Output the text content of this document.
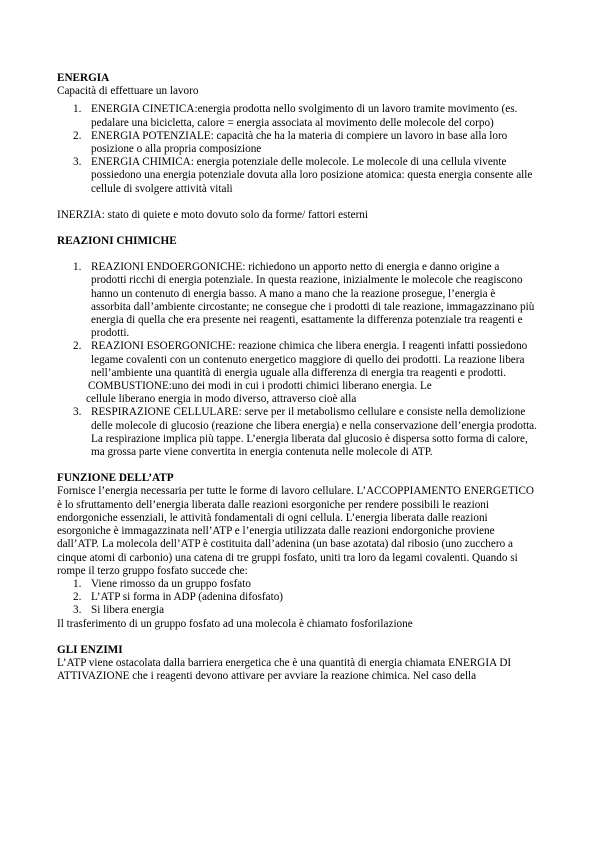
ENERGIA

Capacità di effettuare un lavoro

1. ENERGIA CINETICA:energia prodotta nello svolgimento di un lavoro tramite movimento (es. pedalare una bicicletta, calore = energia associata al movimento delle molecole del corpo)
2. ENERGIA POTENZIALE: capacità che ha la materia di compiere un lavoro in base alla loro posizione o alla propria composizione
3. ENERGIA CHIMICA: energia potenziale delle molecole. Le molecole di una cellula vivente possiedono una energia potenziale dovuta alla loro posizione atomica: questa energia consente alle cellule di svolgere attività vitali

INERZIA: stato di quiete e moto dovuto solo da forme/ fattori esterni

REAZIONI CHIMICHE
1. REAZIONI ENDOERGONICHE: richiedono un apporto netto di energia e danno origine a prodotti ricchi di energia potenziale. In questa reazione, inizialmente le molecole che reagiscono hanno un contenuto di energia basso. A mano a mano che la reazione prosegue, l’energia è assorbita dall’ambiente circostante; ne consegue che i prodotti di tale reazione, immagazzinano più energia di quella che era presente nei reagenti, esattamente la differenza potenziale tra reagenti e prodotti.
2. REAZIONI ESOERGONICHE: reazione chimica che libera energia. I reagenti infatti possiedono legame covalenti con un contenuto energetico maggiore di quello dei prodotti. La reazione libera nell’ambiente una quantità di energia uguale alla differenza di energia tra reagenti e prodotti.
COMBUSTIONE:uno dei modi in cui i prodotti chimici liberano energia. Le
cellule liberano energia in modo diverso, attraverso cioè alla
3. RESPIRAZIONE CELLULARE: serve per il metabolismo cellulare e consiste nella demolizione delle molecole di glucosio (reazione che libera energia) e nella conservazione dell’energia prodotta. La respirazione implica più tappe. L’energia liberata dal glucosio è dispersa sotto forma di calore, ma grossa parte viene convertita in energia contenuta nelle molecole di ATP.
FUNZIONE DELL’ATP

Fornisce l’energia necessaria per tutte le forme di lavoro cellulare. L’ACCOPPIAMENTO ENERGETICO è lo sfruttamento dell’energia liberata dalle reazioni esorgoniche per rendere possibili le reazioni endorgoniche essenziali, le attività fondamentali di ogni cellula. L’energia liberata dalle reazioni esorgoniche è immagazzinata nell’ATP e l’energia utilizzata dalle reazioni endorgoniche proviene dall’ATP. La molecola dell’ATP è costituita dall’adenina (un base azotata) dal ribosio (uno zucchero a cinque atomi di carbonio) una catena di tre gruppi fosfato, uniti tra loro da legami covalenti. Quando si rompe il terzo gruppo fosfato succede che:

1. Viene rimosso da un gruppo fosfato
2. L’ATP si forma in ADP (adenina difosfato)
3. Si libera energia

Il trasferimento di un gruppo fosfato ad una molecola è chiamato fosforilazione

GLI ENZIMI

L’ATP viene ostacolata dalla barriera energetica che è una quantità di energia chiamata ENERGIA DI ATTIVAZIONE che i reagenti devono attivare per avviare la reazione chimica. Nel caso della
